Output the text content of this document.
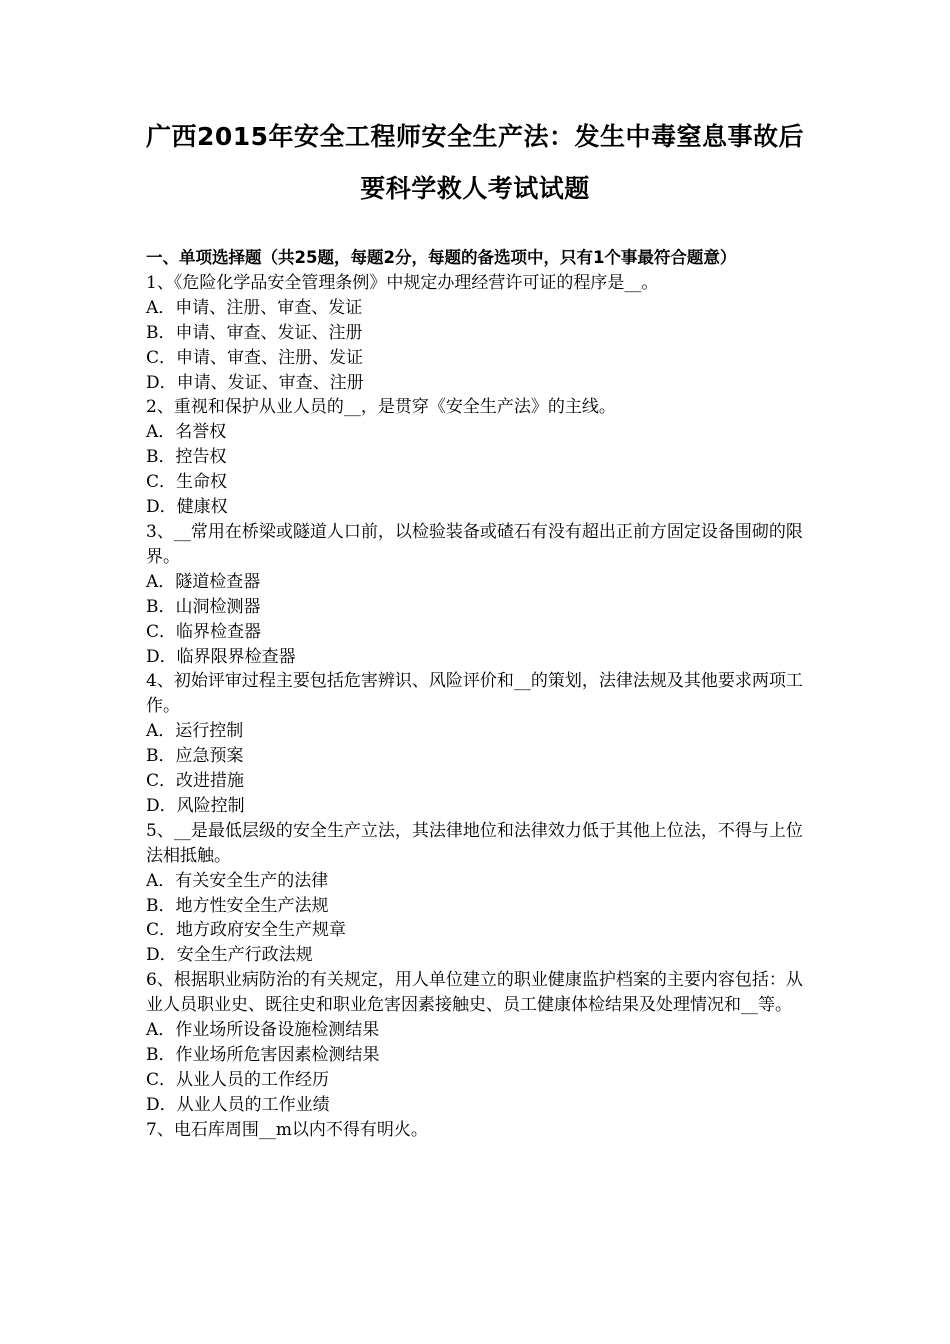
广西2015年安全工程师安全生产法：发生中毒窒息事故后
要科学救人考试试题
一、单项选择题（共25题，每题2分，每题的备选项中，只有1个事最符合题意）
1、《危险化学品安全管理条例》中规定办理经营许可证的程序是__。
A．申请、注册、审查、发证
B．申请、审查、发证、注册
C．申请、审查、注册、发证
D．申请、发证、审查、注册
2、重视和保护从业人员的__，是贯穿《安全生产法》的主线。
A．名誉权
B．控告权
C．生命权
D．健康权
3、__常用在桥梁或隧道人口前，以检验装备或碴石有没有超出正前方固定设备围砌的限界。
A．隧道检查器
B．山洞检测器
C．临界检查器
D．临界限界检查器
4、初始评审过程主要包括危害辨识、风险评价和__的策划，法律法规及其他要求两项工作。
A．运行控制
B．应急预案
C．改进措施
D．风险控制
5、__是最低层级的安全生产立法，其法律地位和法律效力低于其他上位法，不得与上位法相抵触。
A．有关安全生产的法律
B．地方性安全生产法规
C．地方政府安全生产规章
D．安全生产行政法规
6、根据职业病防治的有关规定，用人单位建立的职业健康监护档案的主要内容包括：从业人员职业史、既往史和职业危害因素接触史、员工健康体检结果及处理情况和__等。
A．作业场所设备设施检测结果
B．作业场所危害因素检测结果
C．从业人员的工作经历
D．从业人员的工作业绩
7、电石库周围__m以内不得有明火。
